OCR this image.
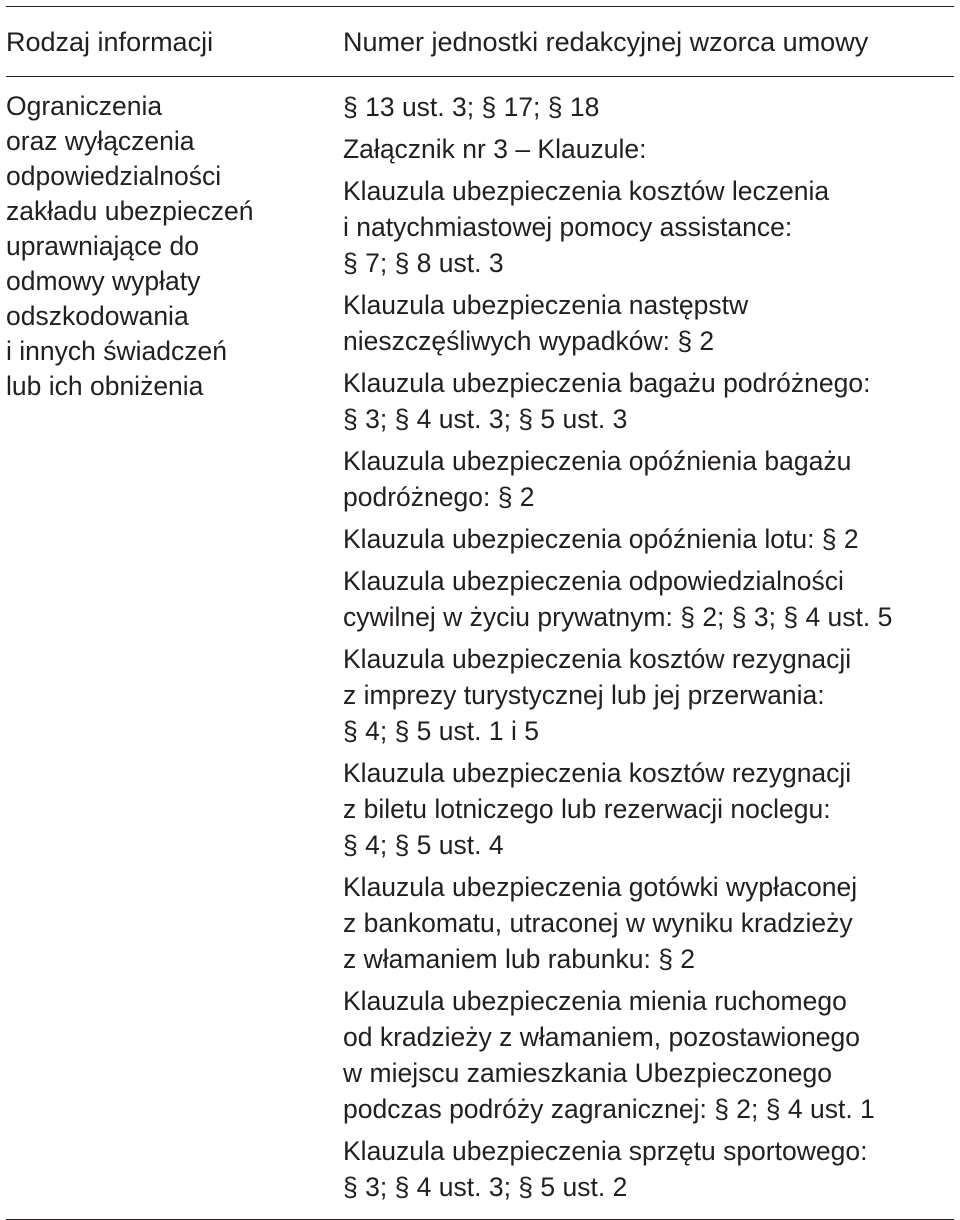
Rodzaj informacji	Numer jednostki redakcyjnej wzorca umowy
Ograniczenia
oraz wyłączenia
odpowiedzialności
zakładu ubezpieczeń
uprawniające do
odmowy wypłaty
odszkodowania
i innych świadczeń
lub ich obniżenia
§ 13 ust. 3; § 17; § 18
Załącznik nr 3 – Klauzule:
Klauzula ubezpieczenia kosztów leczenia
i natychmiastowej pomocy assistance:
§ 7; § 8 ust. 3
Klauzula ubezpieczenia następstw
nieszczęśliwych wypadków: § 2
Klauzula ubezpieczenia bagażu podróżnego:
§ 3; § 4 ust. 3; § 5 ust. 3
Klauzula ubezpieczenia opóźnienia bagażu
podróżnego: § 2
Klauzula ubezpieczenia opóźnienia lotu: § 2
Klauzula ubezpieczenia odpowiedzialności
cywilnej w życiu prywatnym: § 2; § 3; § 4 ust. 5
Klauzula ubezpieczenia kosztów rezygnacji
z imprezy turystycznej lub jej przerwania:
§ 4; § 5 ust. 1 i 5
Klauzula ubezpieczenia kosztów rezygnacji
z biletu lotniczego lub rezerwacji noclegu:
§ 4; § 5 ust. 4
Klauzula ubezpieczenia gotówki wypłaconej
z bankomatu, utraconej w wyniku kradzieży
z włamaniem lub rabunku: § 2
Klauzula ubezpieczenia mienia ruchomego
od kradzieży z włamaniem, pozostawionego
w miejscu zamieszkania Ubezpieczonego
podczas podróży zagranicznej: § 2; § 4 ust. 1
Klauzula ubezpieczenia sprzętu sportowego:
§ 3; § 4 ust. 3; § 5 ust. 2
